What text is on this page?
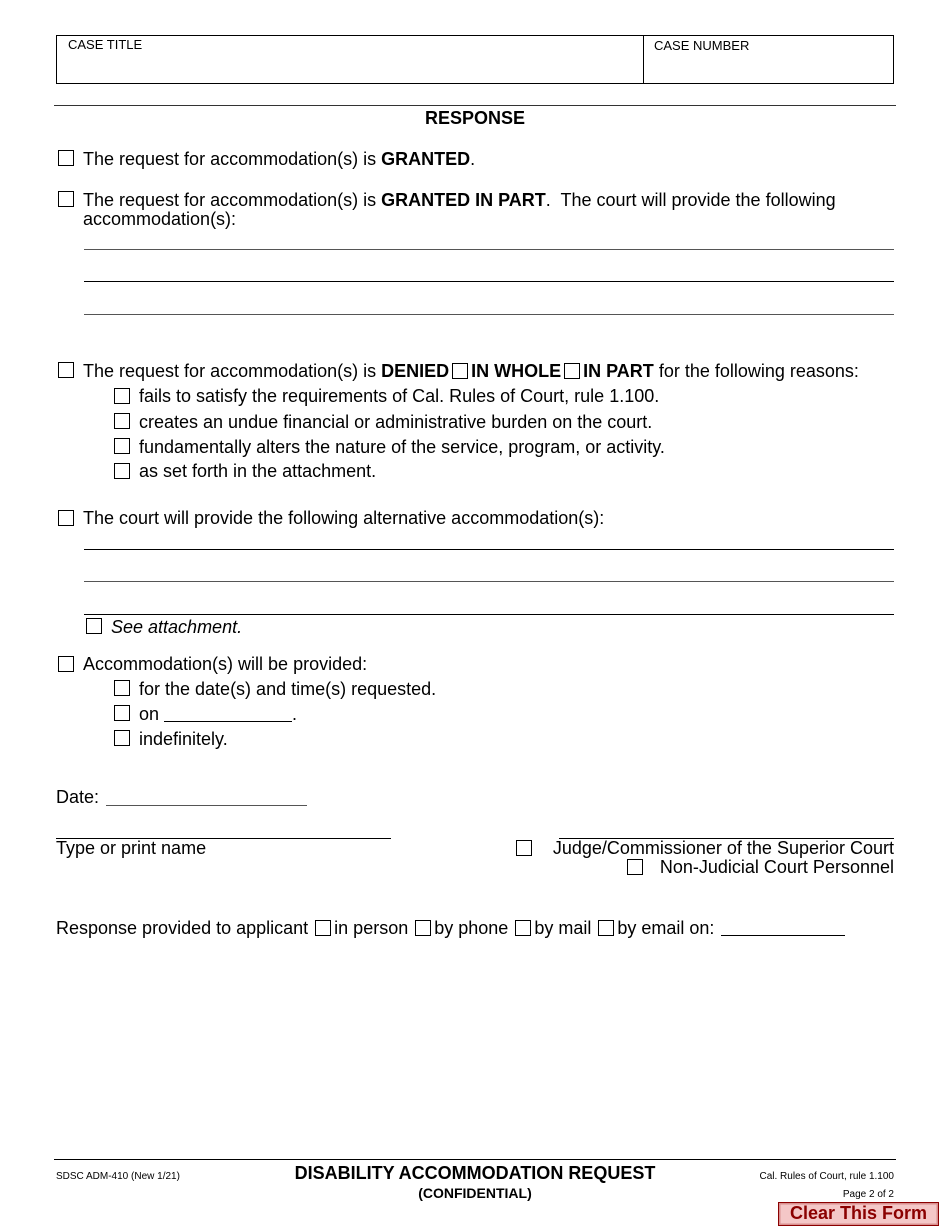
CASE TITLE	CASE NUMBER
RESPONSE
The request for accommodation(s) is GRANTED.
The request for accommodation(s) is GRANTED IN PART.  The court will provide the following
accommodation(s):
The request for accommodation(s) is DENIED IN WHOLE IN PART for the following reasons:
fails to satisfy the requirements of Cal. Rules of Court, rule 1.100.
creates an undue financial or administrative burden on the court.
fundamentally alters the nature of the service, program, or activity.
as set forth in the attachment.
The court will provide the following alternative accommodation(s):
See attachment.
Accommodation(s) will be provided:
for the date(s) and time(s) requested.
on	.
indefinitely.
Date:
Type or print name	Judge/Commissioner of the Superior Court
Non-Judicial Court Personnel
Response provided to applicant in person by phone by mail by email on:
SDSC ADM-410 (New 1/21)	DISABILITY ACCOMMODATION REQUEST
(CONFIDENTIAL)
Cal. Rules of Court, rule 1.100
Page 2 of 2
Clear This Form
